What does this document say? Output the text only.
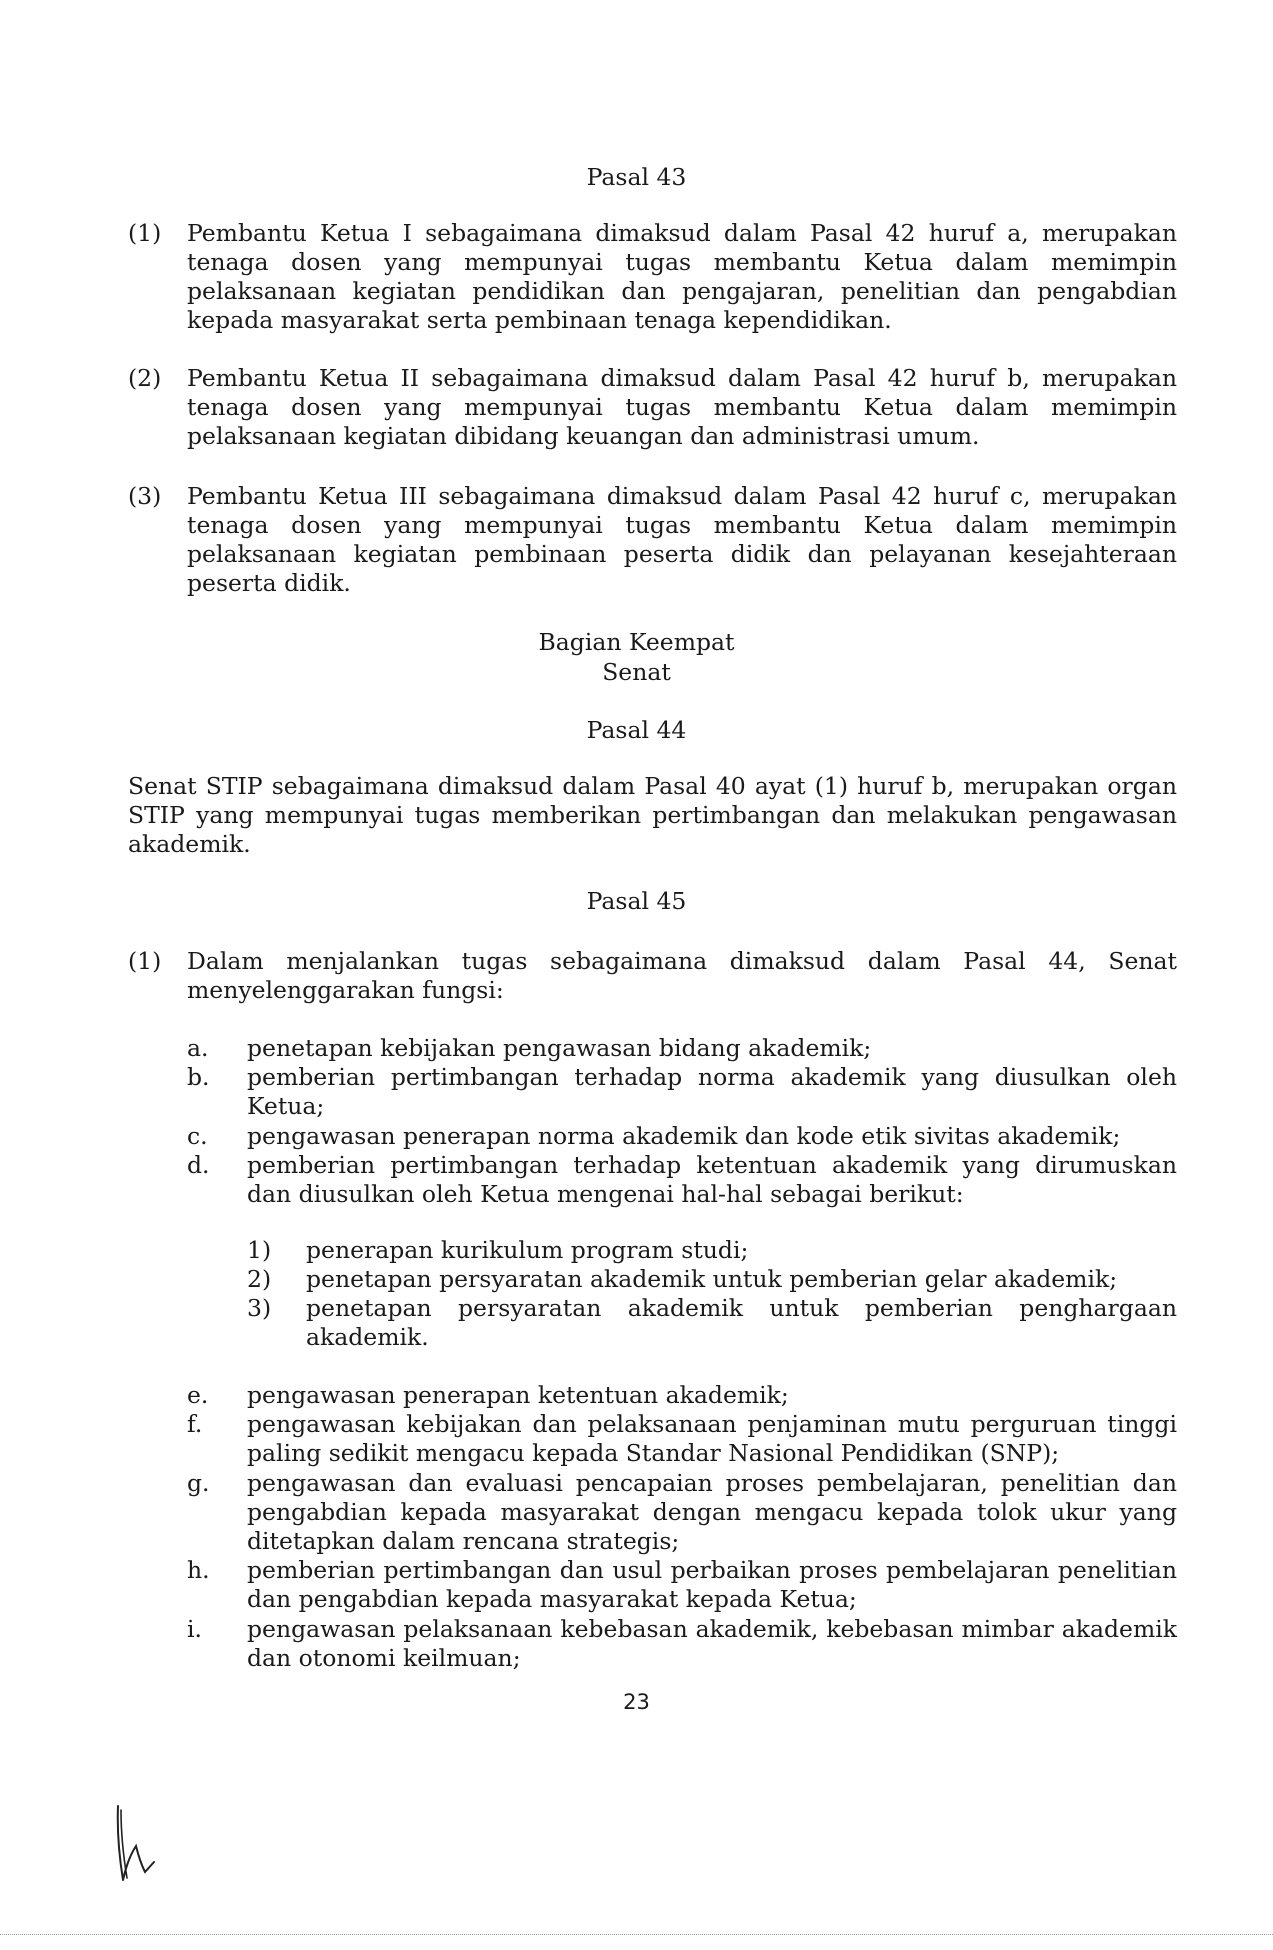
Pasal 43
(1) Pembantu Ketua I sebagaimana dimaksud dalam Pasal 42 huruf a, merupakan tenaga dosen yang mempunyai tugas membantu Ketua dalam memimpin pelaksanaan kegiatan pendidikan dan pengajaran, penelitian dan pengabdian kepada masyarakat serta pembinaan tenaga kependidikan.
(2) Pembantu Ketua II sebagaimana dimaksud dalam Pasal 42 huruf b, merupakan tenaga dosen yang mempunyai tugas membantu Ketua dalam memimpin pelaksanaan kegiatan dibidang keuangan dan administrasi umum.
(3) Pembantu Ketua III sebagaimana dimaksud dalam Pasal 42 huruf c, merupakan tenaga dosen yang mempunyai tugas membantu Ketua dalam memimpin pelaksanaan kegiatan pembinaan peserta didik dan pelayanan kesejahteraan peserta didik.
Bagian Keempat
Senat
Pasal 44
Senat STIP sebagaimana dimaksud dalam Pasal 40 ayat (1) huruf b, merupakan organ STIP yang mempunyai tugas memberikan pertimbangan dan melakukan pengawasan akademik.
Pasal 45
(1) Dalam menjalankan tugas sebagaimana dimaksud dalam Pasal 44, Senat menyelenggarakan fungsi:
a. penetapan kebijakan pengawasan bidang akademik;
b. pemberian pertimbangan terhadap norma akademik yang diusulkan oleh Ketua;
c. pengawasan penerapan norma akademik dan kode etik sivitas akademik;
d. pemberian pertimbangan terhadap ketentuan akademik yang dirumuskan dan diusulkan oleh Ketua mengenai hal-hal sebagai berikut:
1) penerapan kurikulum program studi;
2) penetapan persyaratan akademik untuk pemberian gelar akademik;
3) penetapan persyaratan akademik untuk pemberian penghargaan akademik.
e. pengawasan penerapan ketentuan akademik;
f. pengawasan kebijakan dan pelaksanaan penjaminan mutu perguruan tinggi paling sedikit mengacu kepada Standar Nasional Pendidikan (SNP);
g. pengawasan dan evaluasi pencapaian proses pembelajaran, penelitian dan pengabdian kepada masyarakat dengan mengacu kepada tolok ukur yang ditetapkan dalam rencana strategis;
h. pemberian pertimbangan dan usul perbaikan proses pembelajaran penelitian dan pengabdian kepada masyarakat kepada Ketua;
i. pengawasan pelaksanaan kebebasan akademik, kebebasan mimbar akademik dan otonomi keilmuan;
23
